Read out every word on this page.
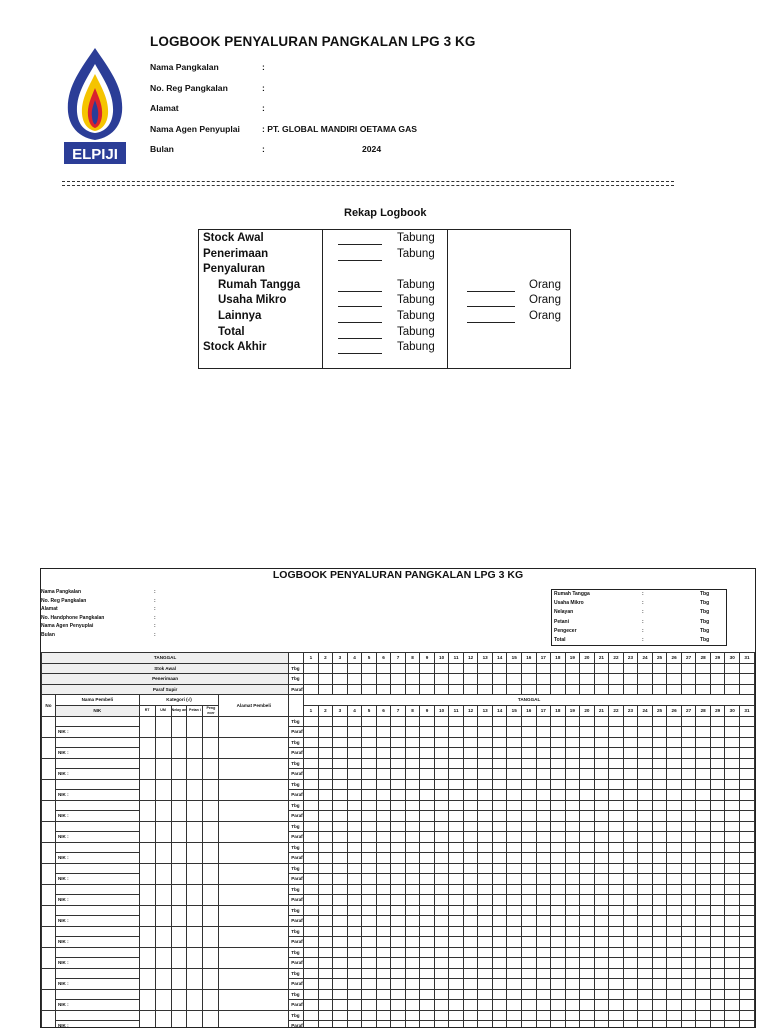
ELPIJI
LOGBOOK PENYALURAN PANGKALAN LPG 3 KG
Nama Pangkalan	:
No. Reg Pangkalan	:
Alamat	:
Nama Agen Penyuplai	: PT. GLOBAL MANDIRI OETAMA GAS
Bulan	:	2024
Rekap Logbook
Stock Awal	Tabung
Penerimaan	Tabung
Penyaluran
Rumah Tangga	Tabung	Orang
Usaha Mikro	Tabung	Orang
Lainnya	Tabung	Orang
Total	Tabung
Stock Akhir	Tabung
LOGBOOK PENYALURAN PANGKALAN LPG 3 KG
Nama Pangkalan	:
No. Reg Pangkalan	:
Alamat	:
No. Handphone Pangkalan	:
Nama Agen Penyuplai	:
Bulan	:
Rumah Tangga	:	Tbg
Usaha Mikro	:	Tbg
Nelayan	:	Tbg
Petani	:	Tbg
Pengecer	:	Tbg
Total	:	Tbg
TANGGAL									1	2	3	4	5	6	7	8	9	10	11	12	13	14	15	16	17	18	19	20	21	22	23	24	25	26	27	28	29	30	31
Stok Awal								Tbg																															
Penerimaan								Tbg																															
Paraf Supir								Paraf																															
No	Nama Pembeli	Kategori (√)					Alamat Pembeli		TANGGAL																														
	NIK	RT	UM	Nelay an	Petan i	Peng ecer			1	2	3	4	5	6	7	8	9	10	11	12	13	14	15	16	17	18	19	20	21	22	23	24	25	26	27	28	29	30	31
								Tbg																															
	NIK :							Paraf																															
								Tbg																															
	NIK :							Paraf																															
								Tbg																															
	NIK :							Paraf																															
								Tbg																															
	NIK :							Paraf																															
								Tbg																															
	NIK :							Paraf																															
								Tbg																															
	NIK :							Paraf																															
								Tbg																															
	NIK :							Paraf																															
								Tbg																															
	NIK :							Paraf																															
								Tbg																															
	NIK :							Paraf																															
								Tbg																															
	NIK :							Paraf																															
								Tbg																															
	NIK :							Paraf																															
								Tbg																															
	NIK :							Paraf																															
								Tbg																															
	NIK :							Paraf																															
								Tbg																															
	NIK :							Paraf																															
								Tbg																															
	NIK :							Paraf																															
